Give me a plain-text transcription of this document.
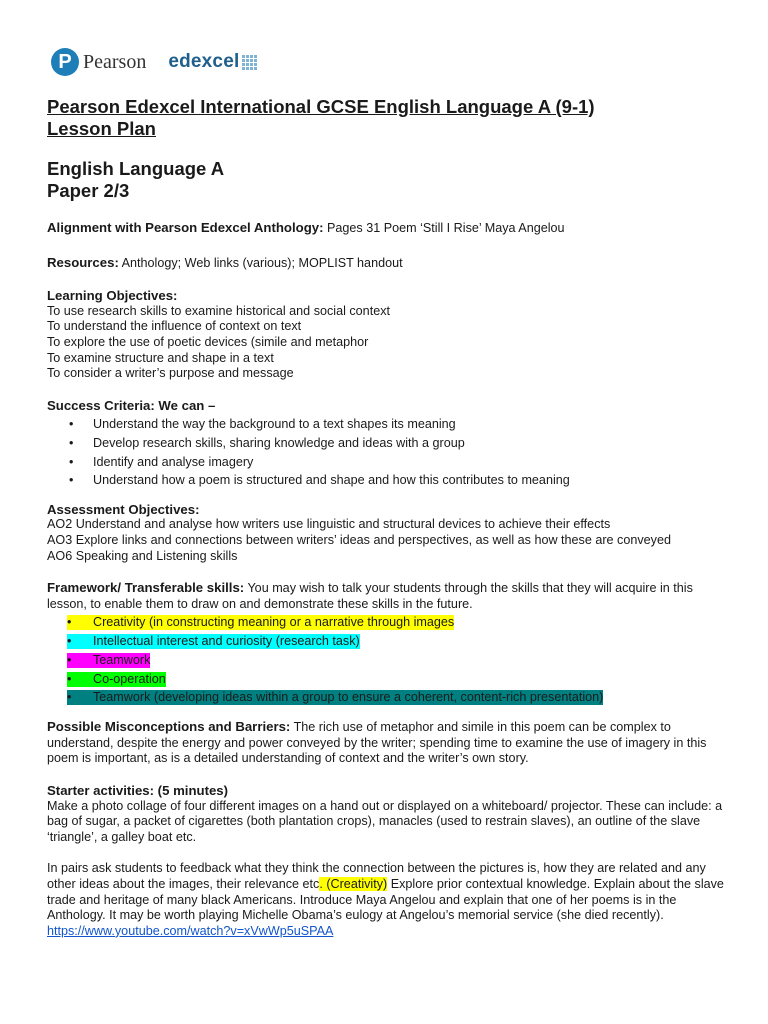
P Pearson edexcel
Pearson Edexcel International GCSE English Language A (9-1)
Lesson Plan
English Language A
Paper 2/3
Alignment with Pearson Edexcel Anthology: Pages 31 Poem ‘Still I Rise’ Maya Angelou
Resources: Anthology; Web links (various); MOPLIST handout
Learning Objectives:
To use research skills to examine historical and social context
To understand the influence of context on text
To explore the use of poetic devices (simile and metaphor
To examine structure and shape in a text
To consider a writer’s purpose and message
Success Criteria: We can –
• Understand the way the background to a text shapes its meaning
• Develop research skills, sharing knowledge and ideas with a group
• Identify and analyse imagery
• Understand how a poem is structured and shape and how this contributes to meaning
Assessment Objectives:
AO2 Understand and analyse how writers use linguistic and structural devices to achieve their effects
AO3 Explore links and connections between writers’ ideas and perspectives, as well as how these are conveyed
AO6 Speaking and Listening skills
Framework/ Transferable skills: You may wish to talk your students through the skills that they will acquire in this lesson, to enable them to draw on and demonstrate these skills in the future.
• Creativity (in constructing meaning or a narrative through images
• Intellectual interest and curiosity (research task)
• Teamwork
• Co-operation
• Teamwork (developing ideas within a group to ensure a coherent, content-rich presentation)
Possible Misconceptions and Barriers: The rich use of metaphor and simile in this poem can be complex to understand, despite the energy and power conveyed by the writer; spending time to examine the use of imagery in this poem is important, as is a detailed understanding of context and the writer’s own story.
Starter activities: (5 minutes)
Make a photo collage of four different images on a hand out or displayed on a whiteboard/ projector. These can include: a bag of sugar, a packet of cigarettes (both plantation crops), manacles (used to restrain slaves), an outline of the slave ‘triangle’, a galley boat etc.
In pairs ask students to feedback what they think the connection between the pictures is, how they are related and any other ideas about the images, their relevance etc. (Creativity) Explore prior contextual knowledge. Explain about the slave trade and heritage of many black Americans. Introduce Maya Angelou and explain that one of her poems is in the Anthology. It may be worth playing Michelle Obama’s eulogy at Angelou’s memorial service (she died recently). https://www.youtube.com/watch?v=xVwWp5uSPAA
